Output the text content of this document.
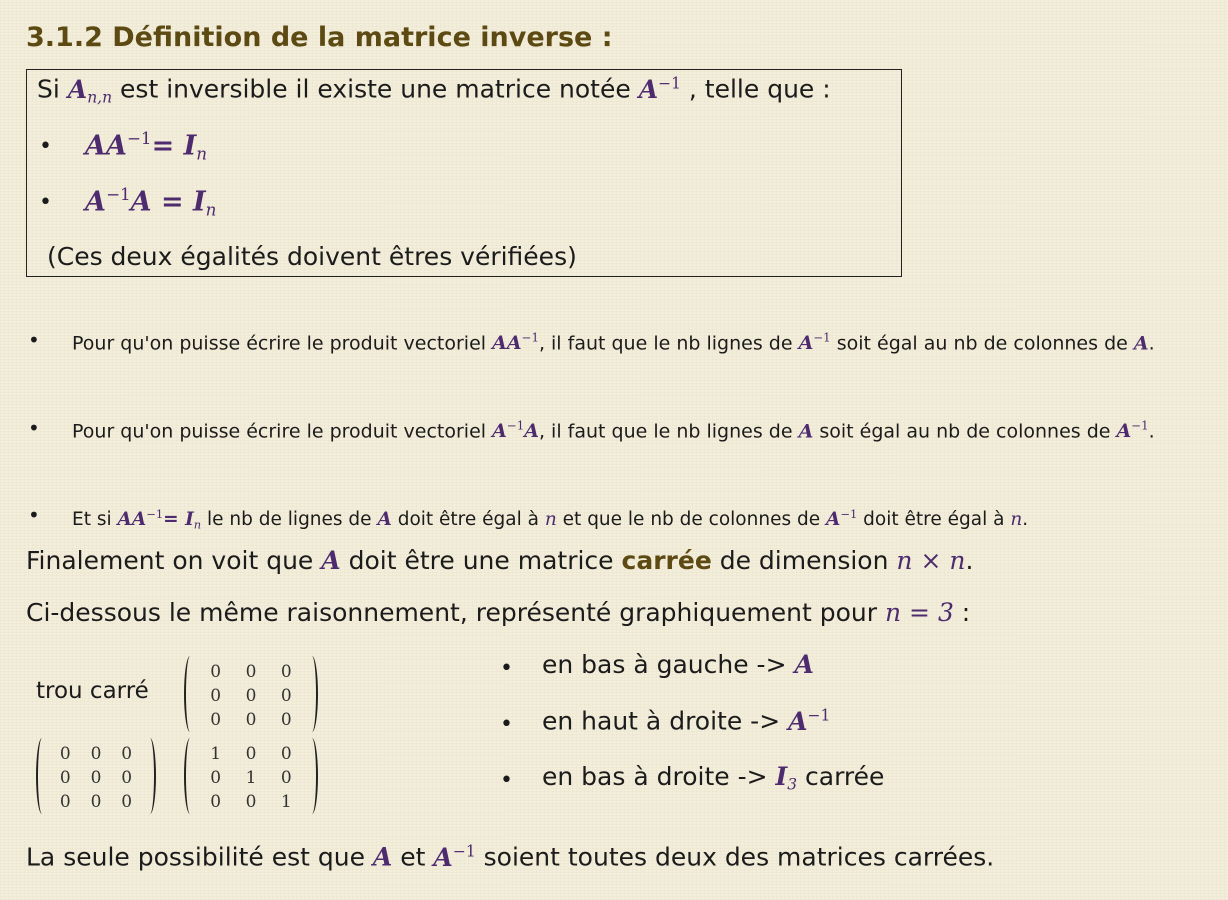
3.1.2 Définition de la matrice inverse :
Si $A_{n,n}$ est inversible il existe une matrice notée $A^{-1}$ , telle que :
• $AA^{-1}= I_n$
• $A^{-1}A = I_n$
(Ces deux égalités doivent êtres vérifiées)
• Pour qu'on puisse écrire le produit vectoriel $AA^{-1}$, il faut que le nb lignes de $A^{-1}$ soit égal au nb de colonnes de A.
• Pour qu'on puisse écrire le produit vectoriel $A^{-1}A$, il faut que le nb lignes de A soit égal au nb de colonnes de $A^{-1}$.
• Et si $AA^{-1}= I_n$ le nb de lignes de A doit être égal à n et que le nb de colonnes de $A^{-1}$ doit être égal à n.
Finalement on voit que A doit être une matrice carrée de dimension n × n.
Ci-dessous le même raisonnement, représenté graphiquement pour n = 3 :
trou carré
0	0	0
0	0	0
0	0	0
0	0	0
0	0	0
0	0	0
1	0	0
0	1	0
0	0	1
• en bas à gauche -> A
• en haut à droite -> $A^{-1}$
• en bas à droite -> $I_3$ carrée
La seule possibilité est que A et $A^{-1}$ soient toutes deux des matrices carrées.
